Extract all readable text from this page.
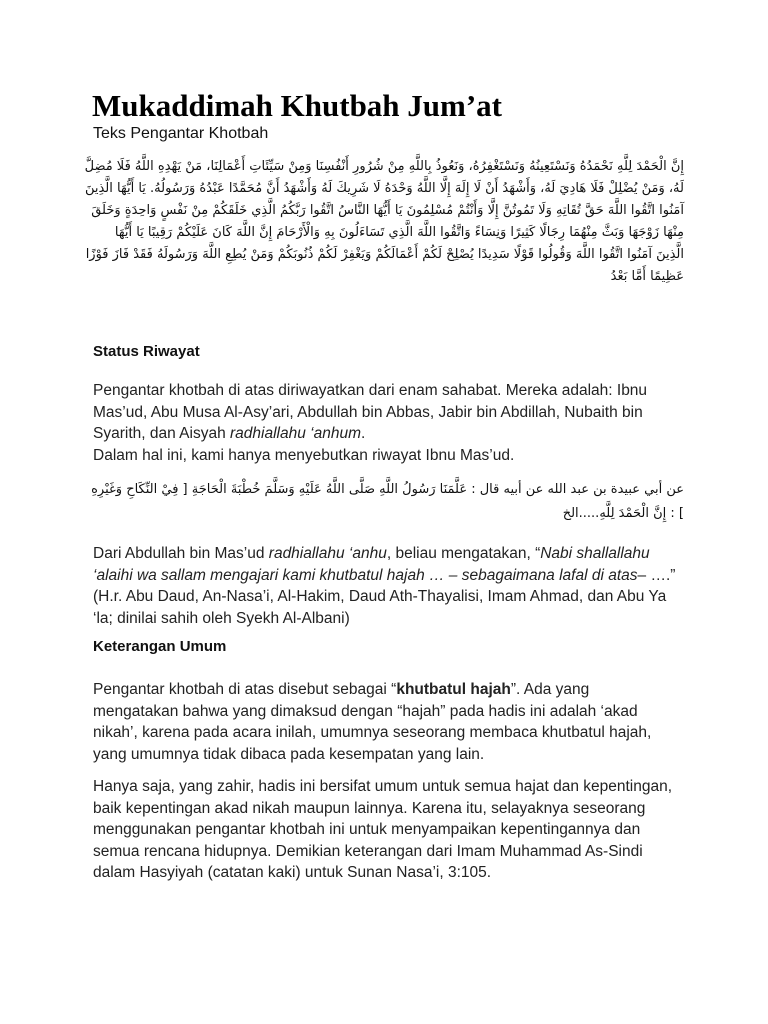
Mukaddimah Khutbah Jum’at

Teks Pengantar Khotbah

إِنَّ الْحَمْدَ لِلَّهِ نَحْمَدُهُ وَنَسْتَعِينُهُ وَنَسْتَغْفِرُهُ، وَنَعُوذُ بِاللَّهِ مِنْ شُرُورِ أَنْفُسِنَا وَمِنْ سَيِّئَاتِ أَعْمَالِنَا، مَنْ يَهْدِهِ اللَّهُ فَلَا مُضِلَّ لَهُ، وَمَنْ يُضْلِلْ فَلَا هَادِيَ لَهُ، وَأَشْهَدُ أَنْ لَا إِلَهَ إِلَّا اللَّهُ وَحْدَهُ لَا شَرِيكَ لَهُ وَأَشْهَدُ أَنَّ مُحَمَّدًا عَبْدُهُ وَرَسُولُهُ. يَا أَيُّهَا الَّذِينَ آمَنُوا اتَّقُوا اللَّهَ حَقَّ تُقَاتِهِ وَلَا تَمُوتُنَّ إِلَّا وَأَنْتُمْ مُسْلِمُونَ يَا أَيُّهَا النَّاسُ اتَّقُوا رَبَّكُمُ الَّذِي خَلَقَكُمْ مِنْ نَفْسٍ وَاحِدَةٍ وَخَلَقَ مِنْهَا زَوْجَهَا وَبَثَّ مِنْهُمَا رِجَالًا كَثِيرًا وَنِسَاءً وَاتَّقُوا اللَّهَ الَّذِي تَسَاءَلُونَ بِهِ وَالْأَرْحَامَ إِنَّ اللَّهَ كَانَ عَلَيْكُمْ رَقِيبًا يَا أَيُّهَا الَّذِينَ آمَنُوا اتَّقُوا اللَّهَ وَقُولُوا قَوْلًا سَدِيدًا يُصْلِحْ لَكُمْ أَعْمَالَكُمْ وَيَغْفِرْ لَكُمْ ذُنُوبَكُمْ وَمَنْ يُطِعِ اللَّهَ وَرَسُولَهُ فَقَدْ فَازَ فَوْزًا عَظِيمًا أَمَّا بَعْدُ

Status Riwayat

Pengantar khotbah di atas diriwayatkan dari enam sahabat. Mereka adalah: Ibnu Mas’ud, Abu Musa Al-Asy’ari, Abdullah bin Abbas, Jabir bin Abdillah, Nubaith bin Syarith, dan Aisyah radhiallahu ‘anhum.
Dalam hal ini, kami hanya menyebutkan riwayat Ibnu Mas’ud.

عن أبي عبيدة بن عبد الله عن أبيه قال : عَلَّمَنَا رَسُولُ اللَّهِ صَلَّى اللَّهُ عَلَيْهِ وَسَلَّمَ خُطْبَةَ الْحَاجَةِ [ فِيْ النِّكَاحِ وَغَيْرِهِ ] : إِنَّ الْحَمْدَ لِلَّهِ.....الخ

Dari Abdullah bin Mas’ud radhiallahu ‘anhu, beliau mengatakan, “Nabi shallallahu ‘alaihi wa sallam mengajari kami khutbatul hajah … – sebagaimana lafal di atas– ….” (H.r. Abu Daud, An-Nasa’i, Al-Hakim, Daud Ath-Thayalisi, Imam Ahmad, dan Abu Ya ‘la; dinilai sahih oleh Syekh Al-Albani)

Keterangan Umum

Pengantar khotbah di atas disebut sebagai “khutbatul hajah”. Ada yang mengatakan bahwa yang dimaksud dengan “hajah” pada hadis ini adalah ‘akad nikah’, karena pada acara inilah, umumnya seseorang membaca khutbatul hajah, yang umumnya tidak dibaca pada kesempatan yang lain.

Hanya saja, yang zahir, hadis ini bersifat umum untuk semua hajat dan kepentingan, baik kepentingan akad nikah maupun lainnya. Karena itu, selayaknya seseorang menggunakan pengantar khotbah ini untuk menyampaikan kepentingannya dan semua rencana hidupnya. Demikian keterangan dari Imam Muhammad As-Sindi dalam Hasyiyah (catatan kaki) untuk Sunan Nasa’i, 3:105.
